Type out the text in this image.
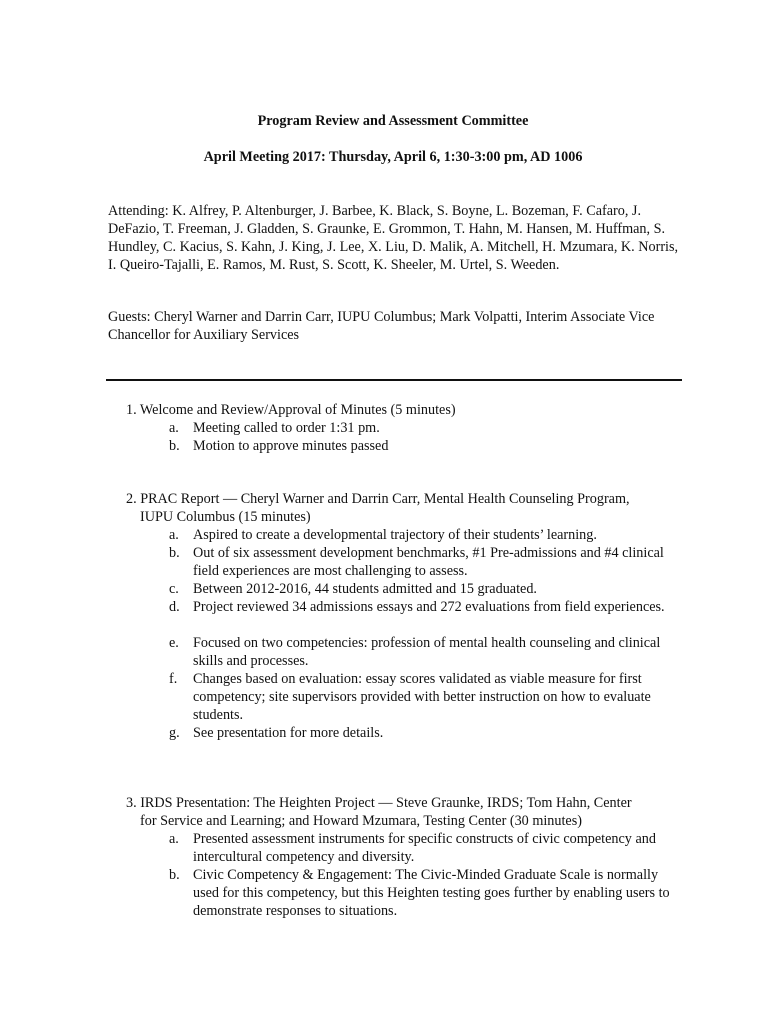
Program Review and Assessment Committee
April Meeting 2017: Thursday, April 6, 1:30-3:00 pm, AD 1006

Attending: K. Alfrey, P. Altenburger, J. Barbee, K. Black, S. Boyne, L. Bozeman, F. Cafaro, J. DeFazio, T. Freeman, J. Gladden, S. Graunke, E. Grommon, T. Hahn, M. Hansen, M. Huffman, S. Hundley, C. Kacius, S. Kahn, J. King, J. Lee, X. Liu, D. Malik, A. Mitchell, H. Mzumara, K. Norris, I. Queiro-Tajalli, E. Ramos, M. Rust, S. Scott, K. Sheeler, M. Urtel, S. Weeden.

Guests: Cheryl Warner and Darrin Carr, IUPU Columbus; Mark Volpatti, Interim Associate Vice Chancellor for Auxiliary Services

1. Welcome and Review/Approval of Minutes (5 minutes)
a. Meeting called to order 1:31 pm.
b. Motion to approve minutes passed
2. PRAC Report — Cheryl Warner and Darrin Carr, Mental Health Counseling Program,
IUPU Columbus (15 minutes)
a. Aspired to create a developmental trajectory of their students’ learning.
b. Out of six assessment development benchmarks, #1 Pre-admissions and #4 clinical field experiences are most challenging to assess.
c. Between 2012-2016, 44 students admitted and 15 graduated.
d. Project reviewed 34 admissions essays and 272 evaluations from field experiences.
e. Focused on two competencies: profession of mental health counseling and clinical skills and processes.
f. Changes based on evaluation: essay scores validated as viable measure for first competency; site supervisors provided with better instruction on how to evaluate students.
g. See presentation for more details.
3. IRDS Presentation: The Heighten Project — Steve Graunke, IRDS; Tom Hahn, Center
for Service and Learning; and Howard Mzumara, Testing Center (30 minutes)
a. Presented assessment instruments for specific constructs of civic competency and intercultural competency and diversity.
b. Civic Competency & Engagement: The Civic-Minded Graduate Scale is normally used for this competency, but this Heighten testing goes further by enabling users to demonstrate responses to situations.
